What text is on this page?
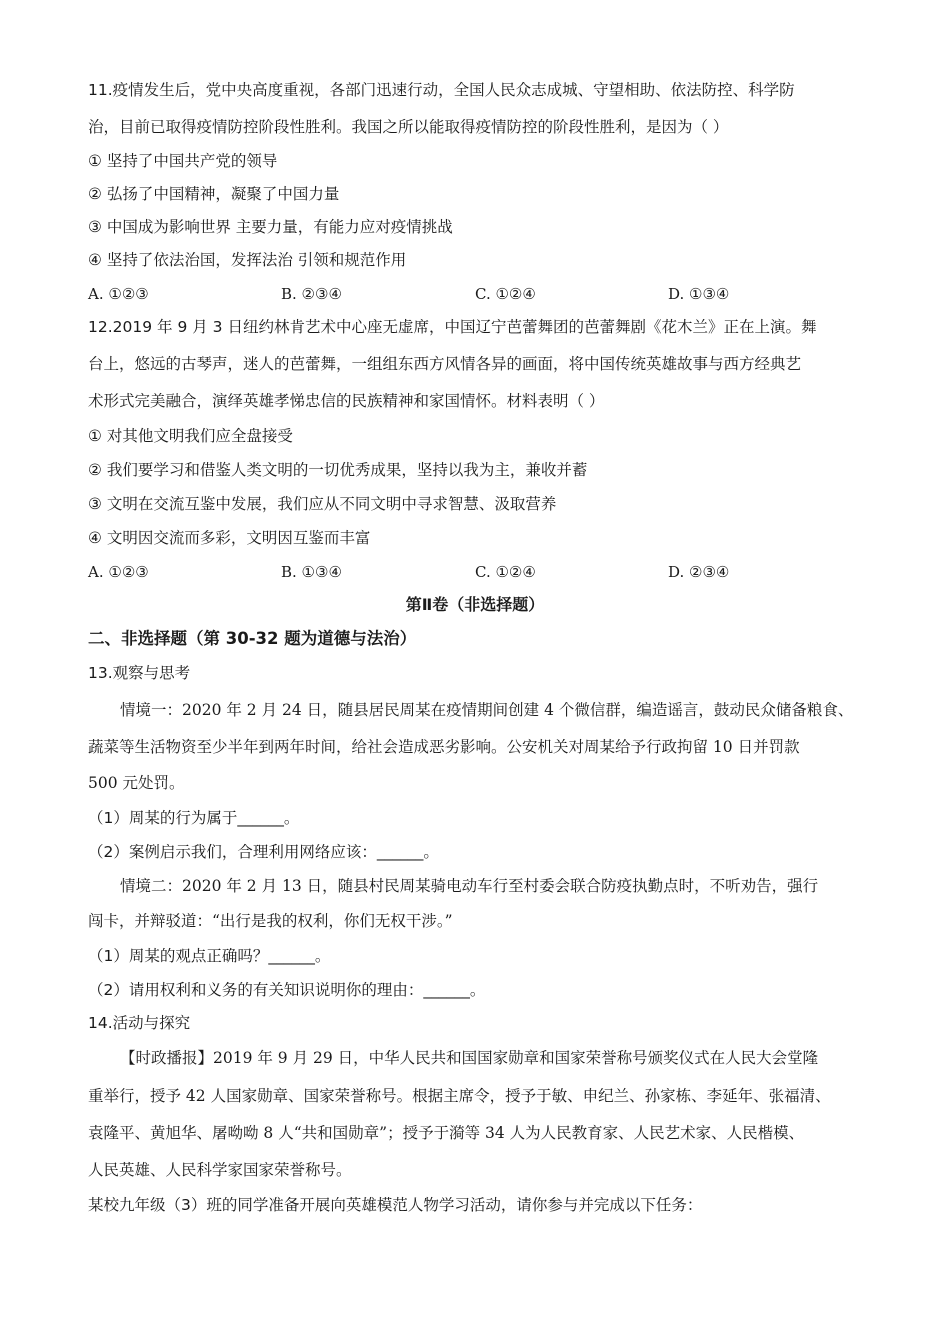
11.疫情发生后，党中央高度重视，各部门迅速行动，全国人民众志成城、守望相助、依法防控、科学防
治，目前已取得疫情防控阶段性胜利。我国之所以能取得疫情防控的阶段性胜利，是因为（ ）
① 坚持了中国共产党的领导
② 弘扬了中国精神，凝聚了中国力量
③ 中国成为影响世界 主要力量，有能力应对疫情挑战
④ 坚持了依法治国，发挥法治 引领和规范作用
A. ①②③	B. ②③④	C. ①②④	D. ①③④
12.2019 年 9 月 3 日纽约林肯艺术中心座无虚席，中国辽宁芭蕾舞团的芭蕾舞剧《花木兰》正在上演。舞
台上，悠远的古琴声，迷人的芭蕾舞，一组组东西方风情各异的画面，将中国传统英雄故事与西方经典艺
术形式完美融合，演绎英雄孝悌忠信的民族精神和家国情怀。材料表明（ ）
① 对其他文明我们应全盘接受
② 我们要学习和借鉴人类文明的一切优秀成果，坚持以我为主，兼收并蓄
③ 文明在交流互鉴中发展，我们应从不同文明中寻求智慧、汲取营养
④ 文明因交流而多彩，文明因互鉴而丰富
A. ①②③	B. ①③④	C. ①②④	D. ②③④
第Ⅱ卷（非选择题）
二、非选择题（第 30-32 题为道德与法治）
13.观察与思考
情境一：2020 年 2 月 24 日，随县居民周某在疫情期间创建 4 个微信群，编造谣言，鼓动民众储备粮食、
蔬菜等生活物资至少半年到两年时间，给社会造成恶劣影响。公安机关对周某给予行政拘留 10 日并罚款
500 元处罚。
（1）周某的行为属于______。
（2）案例启示我们，合理利用网络应该：______。
情境二：2020 年 2 月 13 日，随县村民周某骑电动车行至村委会联合防疫执勤点时，不听劝告，强行
闯卡，并辩驳道：“出行是我的权利，你们无权干涉。”
（1）周某的观点正确吗？______。
（2）请用权利和义务的有关知识说明你的理由：______。
14.活动与探究
【时政播报】2019 年 9 月 29 日，中华人民共和国国家勋章和国家荣誉称号颁奖仪式在人民大会堂隆
重举行，授予 42 人国家勋章、国家荣誉称号。根据主席令，授予于敏、申纪兰、孙家栋、李延年、张福清、
袁隆平、黄旭华、屠呦呦 8 人“共和国勋章”；授予于漪等 34 人为人民教育家、人民艺术家、人民楷模、
人民英雄、人民科学家国家荣誉称号。
某校九年级（3）班的同学准备开展向英雄模范人物学习活动，请你参与并完成以下任务：
